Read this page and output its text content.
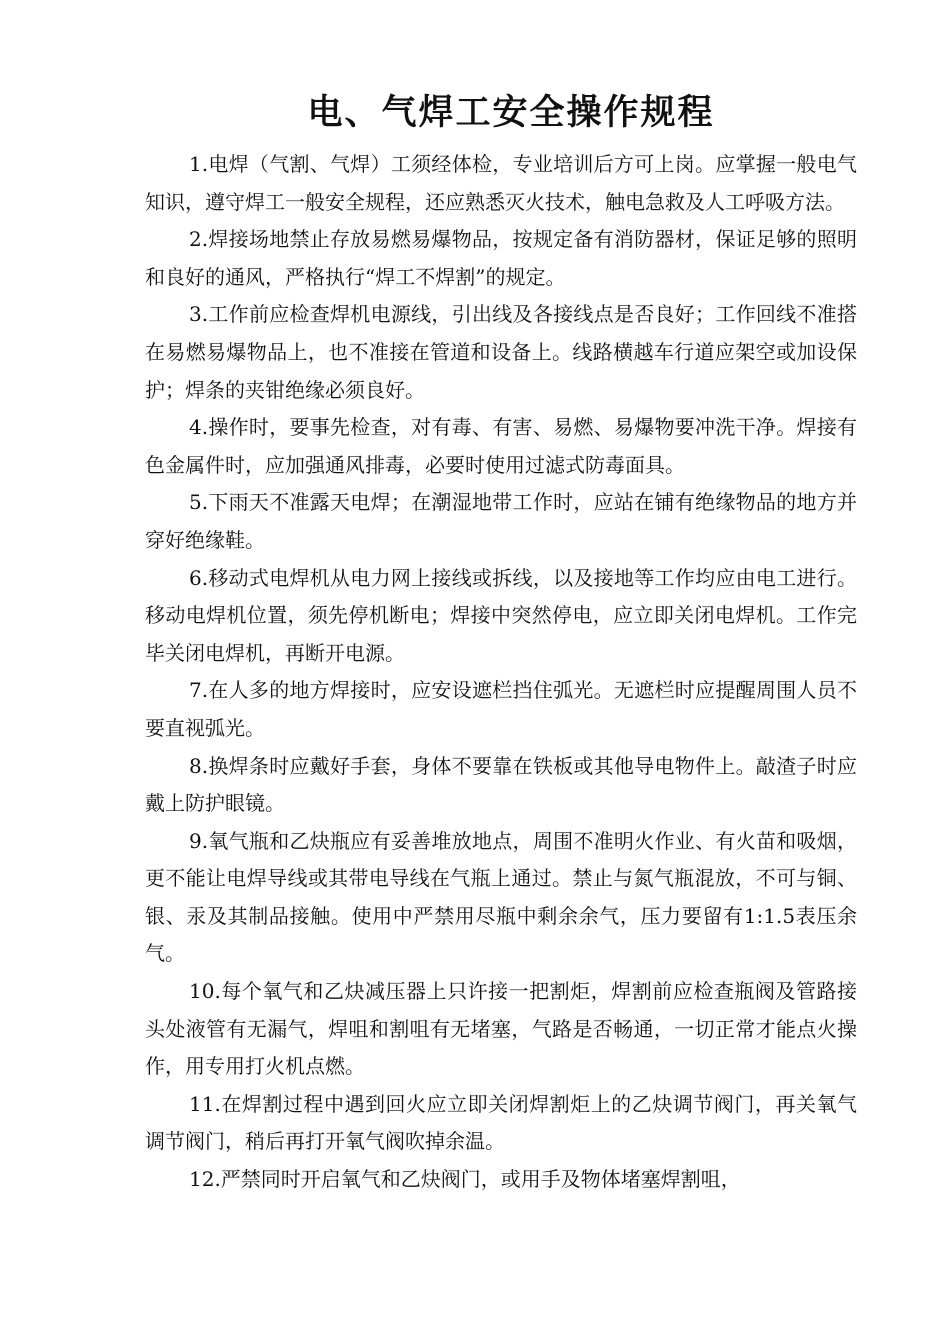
电、气焊工安全操作规程

1.电焊（气割、气焊）工须经体检，专业培训后方可上岗。应掌握一般电气 知识，遵守焊工一般安全规程，还应熟悉灭火技术，触电急救及人工呼吸方法。

2.焊接场地禁止存放易燃易爆物品，按规定备有消防器材，保证足够的照明 和良好的通风，严格执行“焊工不焊割”的规定。

3.工作前应检查焊机电源线，引出线及各接线点是否良好；工作回线不准搭 在易燃易爆物品上，也不准接在管道和设备上。线路横越车行道应架空或加设保 护；焊条的夹钳绝缘必须良好。

4.操作时，要事先检查，对有毒、有害、易燃、易爆物要冲洗干净。焊接有 色金属件时，应加强通风排毒，必要时使用过滤式防毒面具。

5.下雨天不准露天电焊；在潮湿地带工作时，应站在铺有绝缘物品的地方并 穿好绝缘鞋。

6.移动式电焊机从电力网上接线或拆线，以及接地等工作均应由电工进行。 移动电焊机位置，须先停机断电；焊接中突然停电，应立即关闭电焊机。工作完 毕关闭电焊机，再断开电源。

7.在人多的地方焊接时，应安设遮栏挡住弧光。无遮栏时应提醒周围人员不 要直视弧光。

8.换焊条时应戴好手套，身体不要靠在铁板或其他导电物件上。敲渣子时应 戴上防护眼镜。

9.氧气瓶和乙炔瓶应有妥善堆放地点，周围不准明火作业、有火苗和吸烟， 更不能让电焊导线或其带电导线在气瓶上通过。禁止与氮气瓶混放，不可与铜、 银、汞及其制品接触。使用中严禁用尽瓶中剩余余气，压力要留有1:1.5表压余气。

10.每个氧气和乙炔减压器上只许接一把割炬，焊割前应检查瓶阀及管路接 头处液管有无漏气，焊咀和割咀有无堵塞，气路是否畅通，一切正常才能点火操 作，用专用打火机点燃。

11.在焊割过程中遇到回火应立即关闭焊割炬上的乙炔调节阀门，再关氧气 调节阀门，稍后再打开氧气阀吹掉余温。

12.严禁同时开启氧气和乙炔阀门，或用手及物体堵塞焊割咀，
